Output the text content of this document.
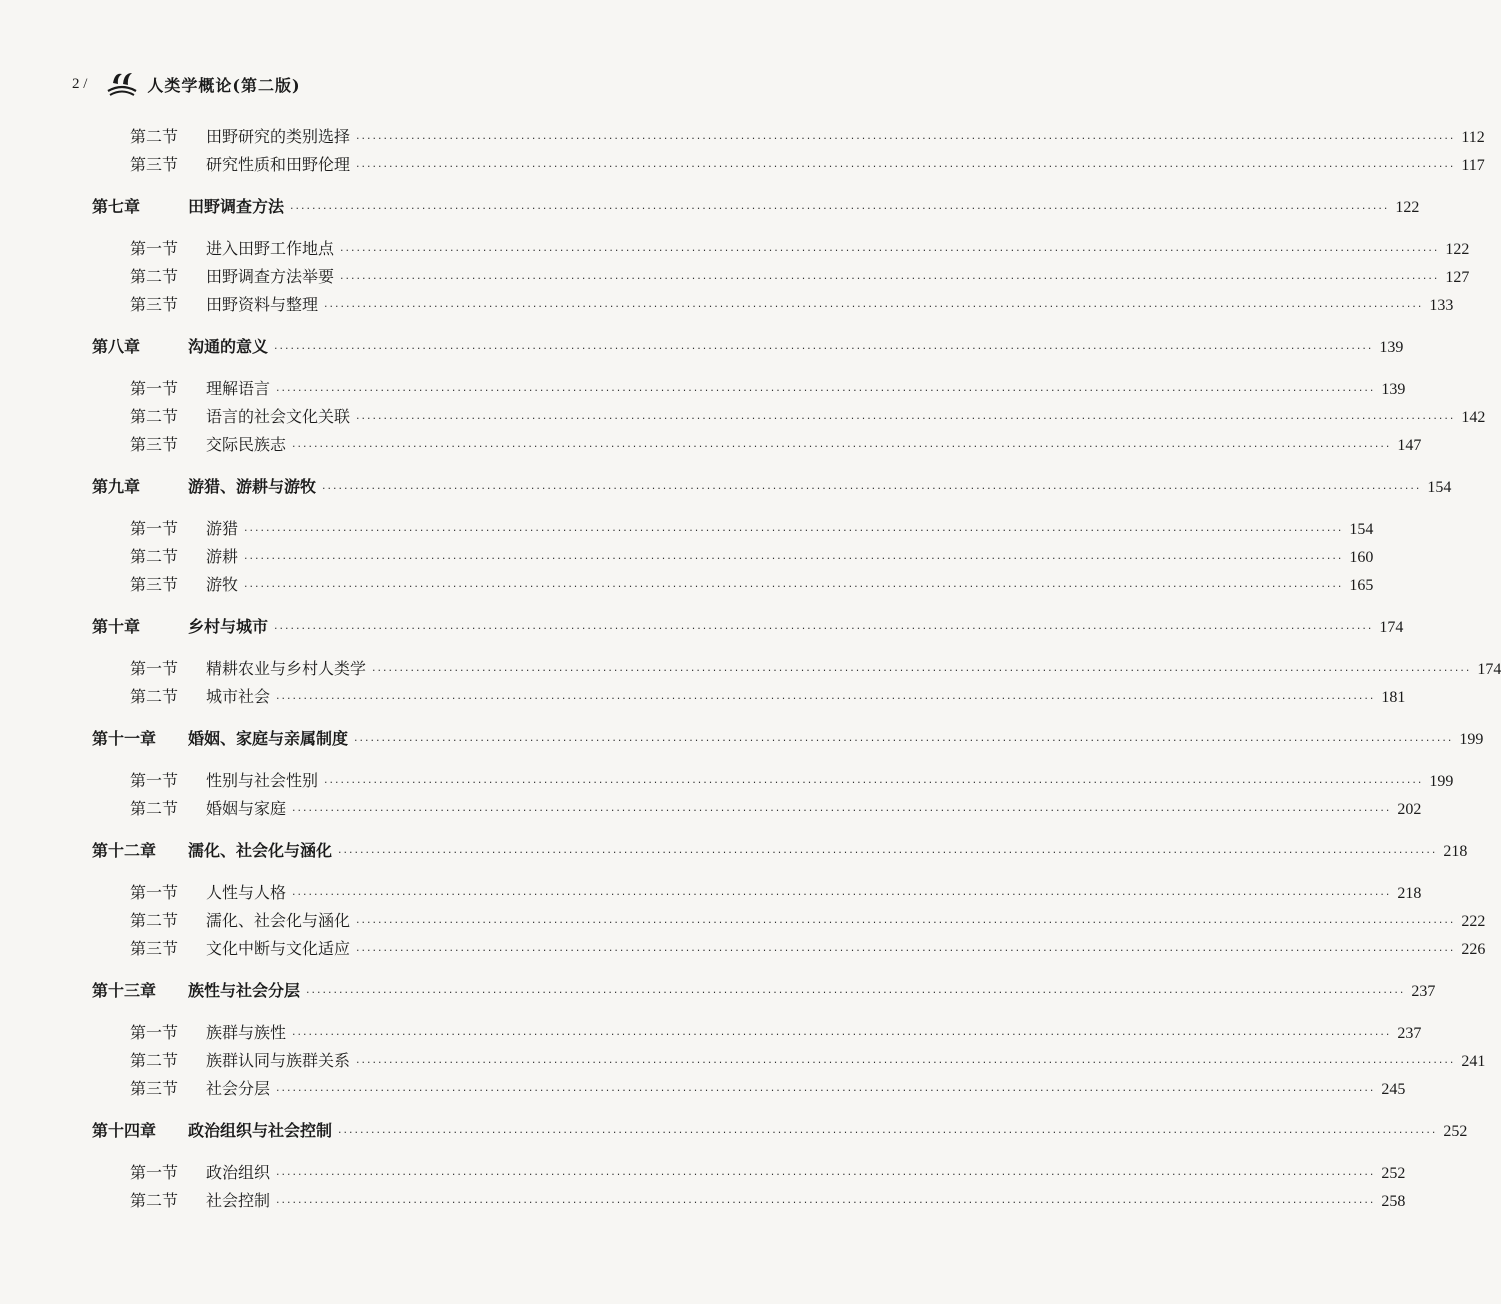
2 /	人类学概论(第二版)
第二节	田野研究的类别选择 ········································································································································································································ 112
第三节	研究性质和田野伦理 ········································································································································································································ 117
第七章	田野调查方法 ········································································································································································································ 122
第一节	进入田野工作地点 ········································································································································································································ 122
第二节	田野调查方法举要 ········································································································································································································ 127
第三节	田野资料与整理 ········································································································································································································ 133
第八章	沟通的意义 ········································································································································································································ 139
第一节	理解语言 ········································································································································································································ 139
第二节	语言的社会文化关联 ········································································································································································································ 142
第三节	交际民族志 ········································································································································································································ 147
第九章	游猎、游耕与游牧 ········································································································································································································ 154
第一节	游猎 ········································································································································································································ 154
第二节	游耕 ········································································································································································································ 160
第三节	游牧 ········································································································································································································ 165
第十章	乡村与城市 ········································································································································································································ 174
第一节	精耕农业与乡村人类学 ········································································································································································································ 174
第二节	城市社会 ········································································································································································································ 181
第十一章	婚姻、家庭与亲属制度 ········································································································································································································ 199
第一节	性别与社会性别 ········································································································································································································ 199
第二节	婚姻与家庭 ········································································································································································································ 202
第十二章	濡化、社会化与涵化 ········································································································································································································ 218
第一节	人性与人格 ········································································································································································································ 218
第二节	濡化、社会化与涵化 ········································································································································································································ 222
第三节	文化中断与文化适应 ········································································································································································································ 226
第十三章	族性与社会分层 ········································································································································································································ 237
第一节	族群与族性 ········································································································································································································ 237
第二节	族群认同与族群关系 ········································································································································································································ 241
第三节	社会分层 ········································································································································································································ 245
第十四章	政治组织与社会控制 ········································································································································································································ 252
第一节	政治组织 ········································································································································································································ 252
第二节	社会控制 ········································································································································································································ 258
